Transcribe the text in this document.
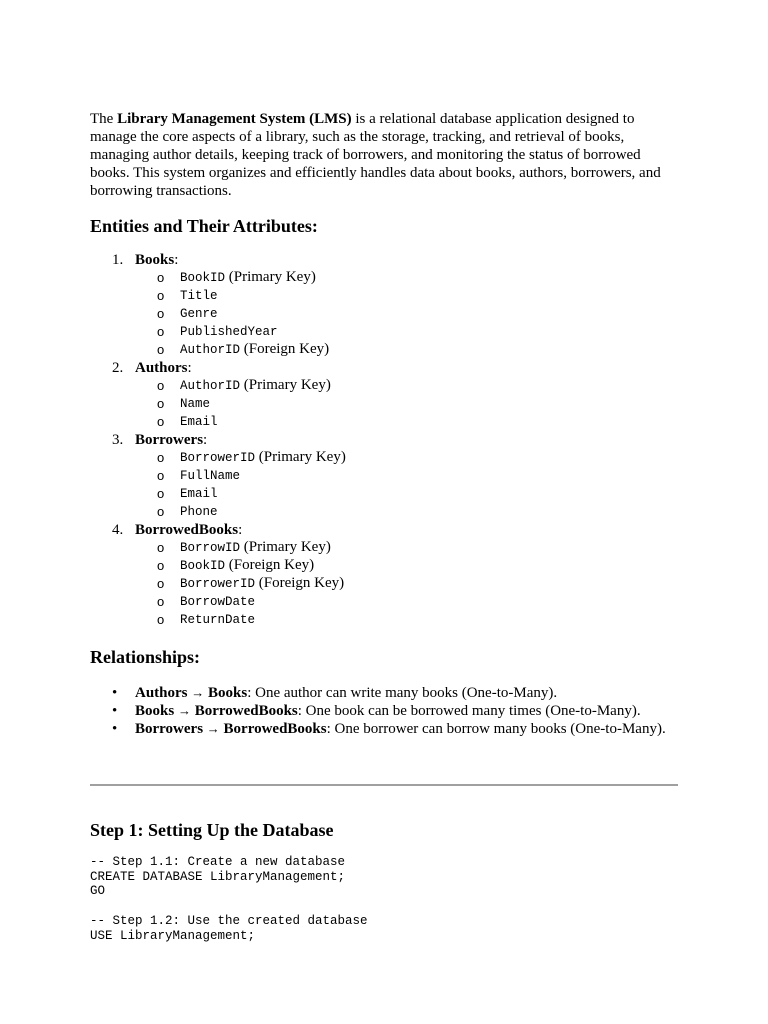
The Library Management System (LMS) is a relational database application designed to manage the core aspects of a library, such as the storage, tracking, and retrieval of books, managing author details, keeping track of borrowers, and monitoring the status of borrowed books. This system organizes and efficiently handles data about books, authors, borrowers, and borrowing transactions.

Entities and Their Attributes:
1. Books:
o BookID (Primary Key)
o Title
o Genre
o PublishedYear
o AuthorID (Foreign Key)
2. Authors:
o AuthorID (Primary Key)
o Name
o Email
3. Borrowers:
o BorrowerID (Primary Key)
o FullName
o Email
o Phone
4. BorrowedBooks:
o BorrowID (Primary Key)
o BookID (Foreign Key)
o BorrowerID (Foreign Key)
o BorrowDate
o ReturnDate
Relationships:
• Authors → Books: One author can write many books (One-to-Many).
• Books → BorrowedBooks: One book can be borrowed many times (One-to-Many).
• Borrowers → BorrowedBooks: One borrower can borrow many books (One-to-Many).
Step 1: Setting Up the Database
-- Step 1.1: Create a new database
CREATE DATABASE LibraryManagement;
GO

-- Step 1.2: Use the created database
USE LibraryManagement;
